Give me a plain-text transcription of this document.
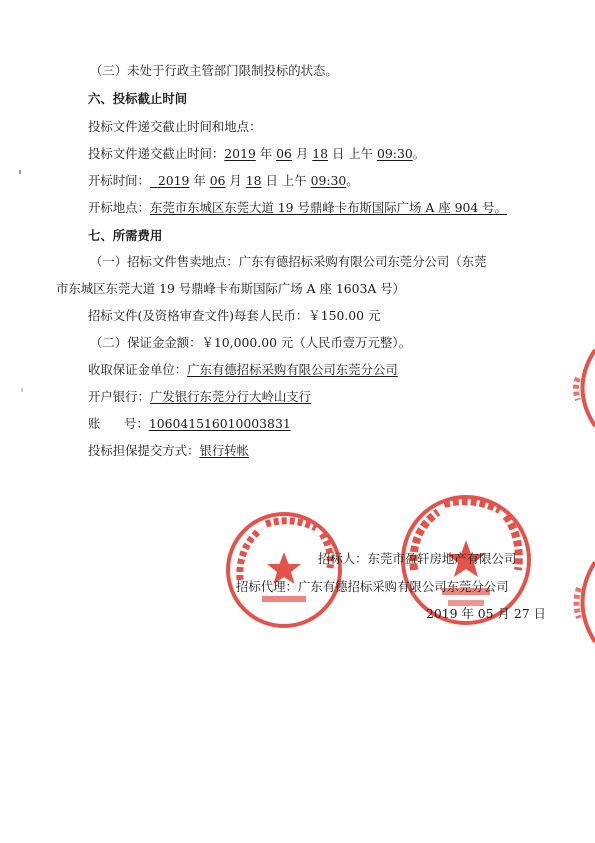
（三）未处于行政主管部门限制投标的状态。
六、投标截止时间
投标文件递交截止时间和地点：
投标文件递交截止时间：2019 年 06 月 18 日 上午 09:30。
开标时间： 2019 年 06 月 18 日 上午 09:30。
开标地点：东莞市东城区东莞大道 19 号鼎峰卡布斯国际广场 A 座 904 号。
七、所需费用
（一）招标文件售卖地点：广东有德招标采购有限公司东莞分公司（东莞
市东城区东莞大道 19 号鼎峰卡布斯国际广场 A 座 1603A 号）
招标文件(及资格审查文件)每套人民币：￥150.00 元
（二）保证金金额：￥10,000.00 元（人民币壹万元整）。
收取保证金单位：广东有德招标采购有限公司东莞分公司
开户银行：广发银行东莞分行大岭山支行
账      号：106041516010003831
投标担保提交方式：银行转帐
招标人：东莞市盈轩房地产有限公司
招标代理：广东有德招标采购有限公司东莞分公司
2019 年 05 月 27 日
